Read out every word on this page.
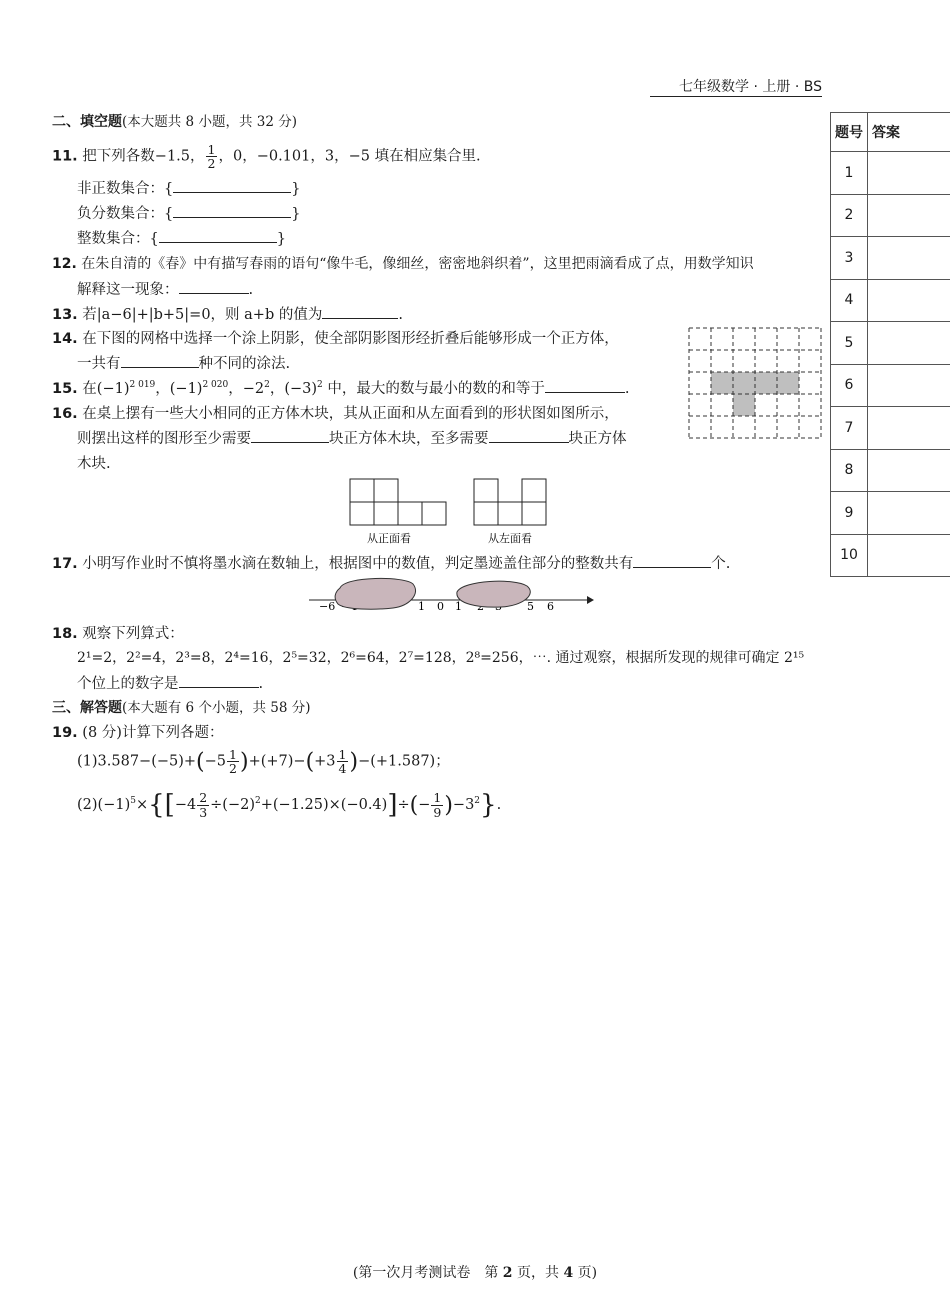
七年级数学 · 上册 · BS
二、填空题(本大题共 8 小题，共 32 分)
11. 把下列各数−1.5， $\frac{1}{2}$ ，0，−0.101，3，−5 填在相应集合里.
非正数集合：{	}
负分数集合：{	}
整数集合：{	}
12. 在朱自清的《春》中有描写春雨的语句“像牛毛，像细丝，密密地斜织着”，这里把雨滴看成了点，用数学知识
解释这一现象：	.
13. 若|a−6|+|b+5|=0，则 a+b 的值为	.
14. 在下图的网格中选择一个涂上阴影，使全部阴影图形经折叠后能够形成一个正方体，
一共有	种不同的涂法.
15. 在$(-1)^{2 019}$，$(-1)^{2 020}$，$-2^2$，$(-3)^2$ 中，最大的数与最小的数的和等于	.
16. 在桌上摆有一些大小相同的正方体木块，其从正面和从左面看到的形状图如图所示，
则摆出这样的图形至少需要	块正方体木块，至多需要	块正方体
木块.
从正面看	从左面看
17. 小明写作业时不慎将墨水滴在数轴上，根据图中的数值，判定墨迹盖住部分的整数共有	个.
−6	1 0 1	5 6
18. 观察下列算式：
2¹=2，2²=4，2³=8，2⁴=16，2⁵=32，2⁶=64，2⁷=128，2⁸=256，⋯. 通过观察，根据所发现的规律可确定 2¹⁵
个位上的数字是	.
三、解答题(本大题有 6 个小题，共 58 分)
19. (8 分)计算下列各题：
$(1)3.587-(-5)+(-5 \frac{1}{2} )+(+7)-(+3 \frac{1}{4} )-(+1.587)$；
$(2)(-1)^5\times\{[-4 \frac{2}{3} \div(-2)^2+(-1.25)\times(-0.4)]\div(- \frac{1}{9} )-3^2\}$.
题号	答案
1	
2	
3	
4	
5	
6	
7	
8	
9	
10	
(第一次月考测试卷　第 2 页，共 4 页)
